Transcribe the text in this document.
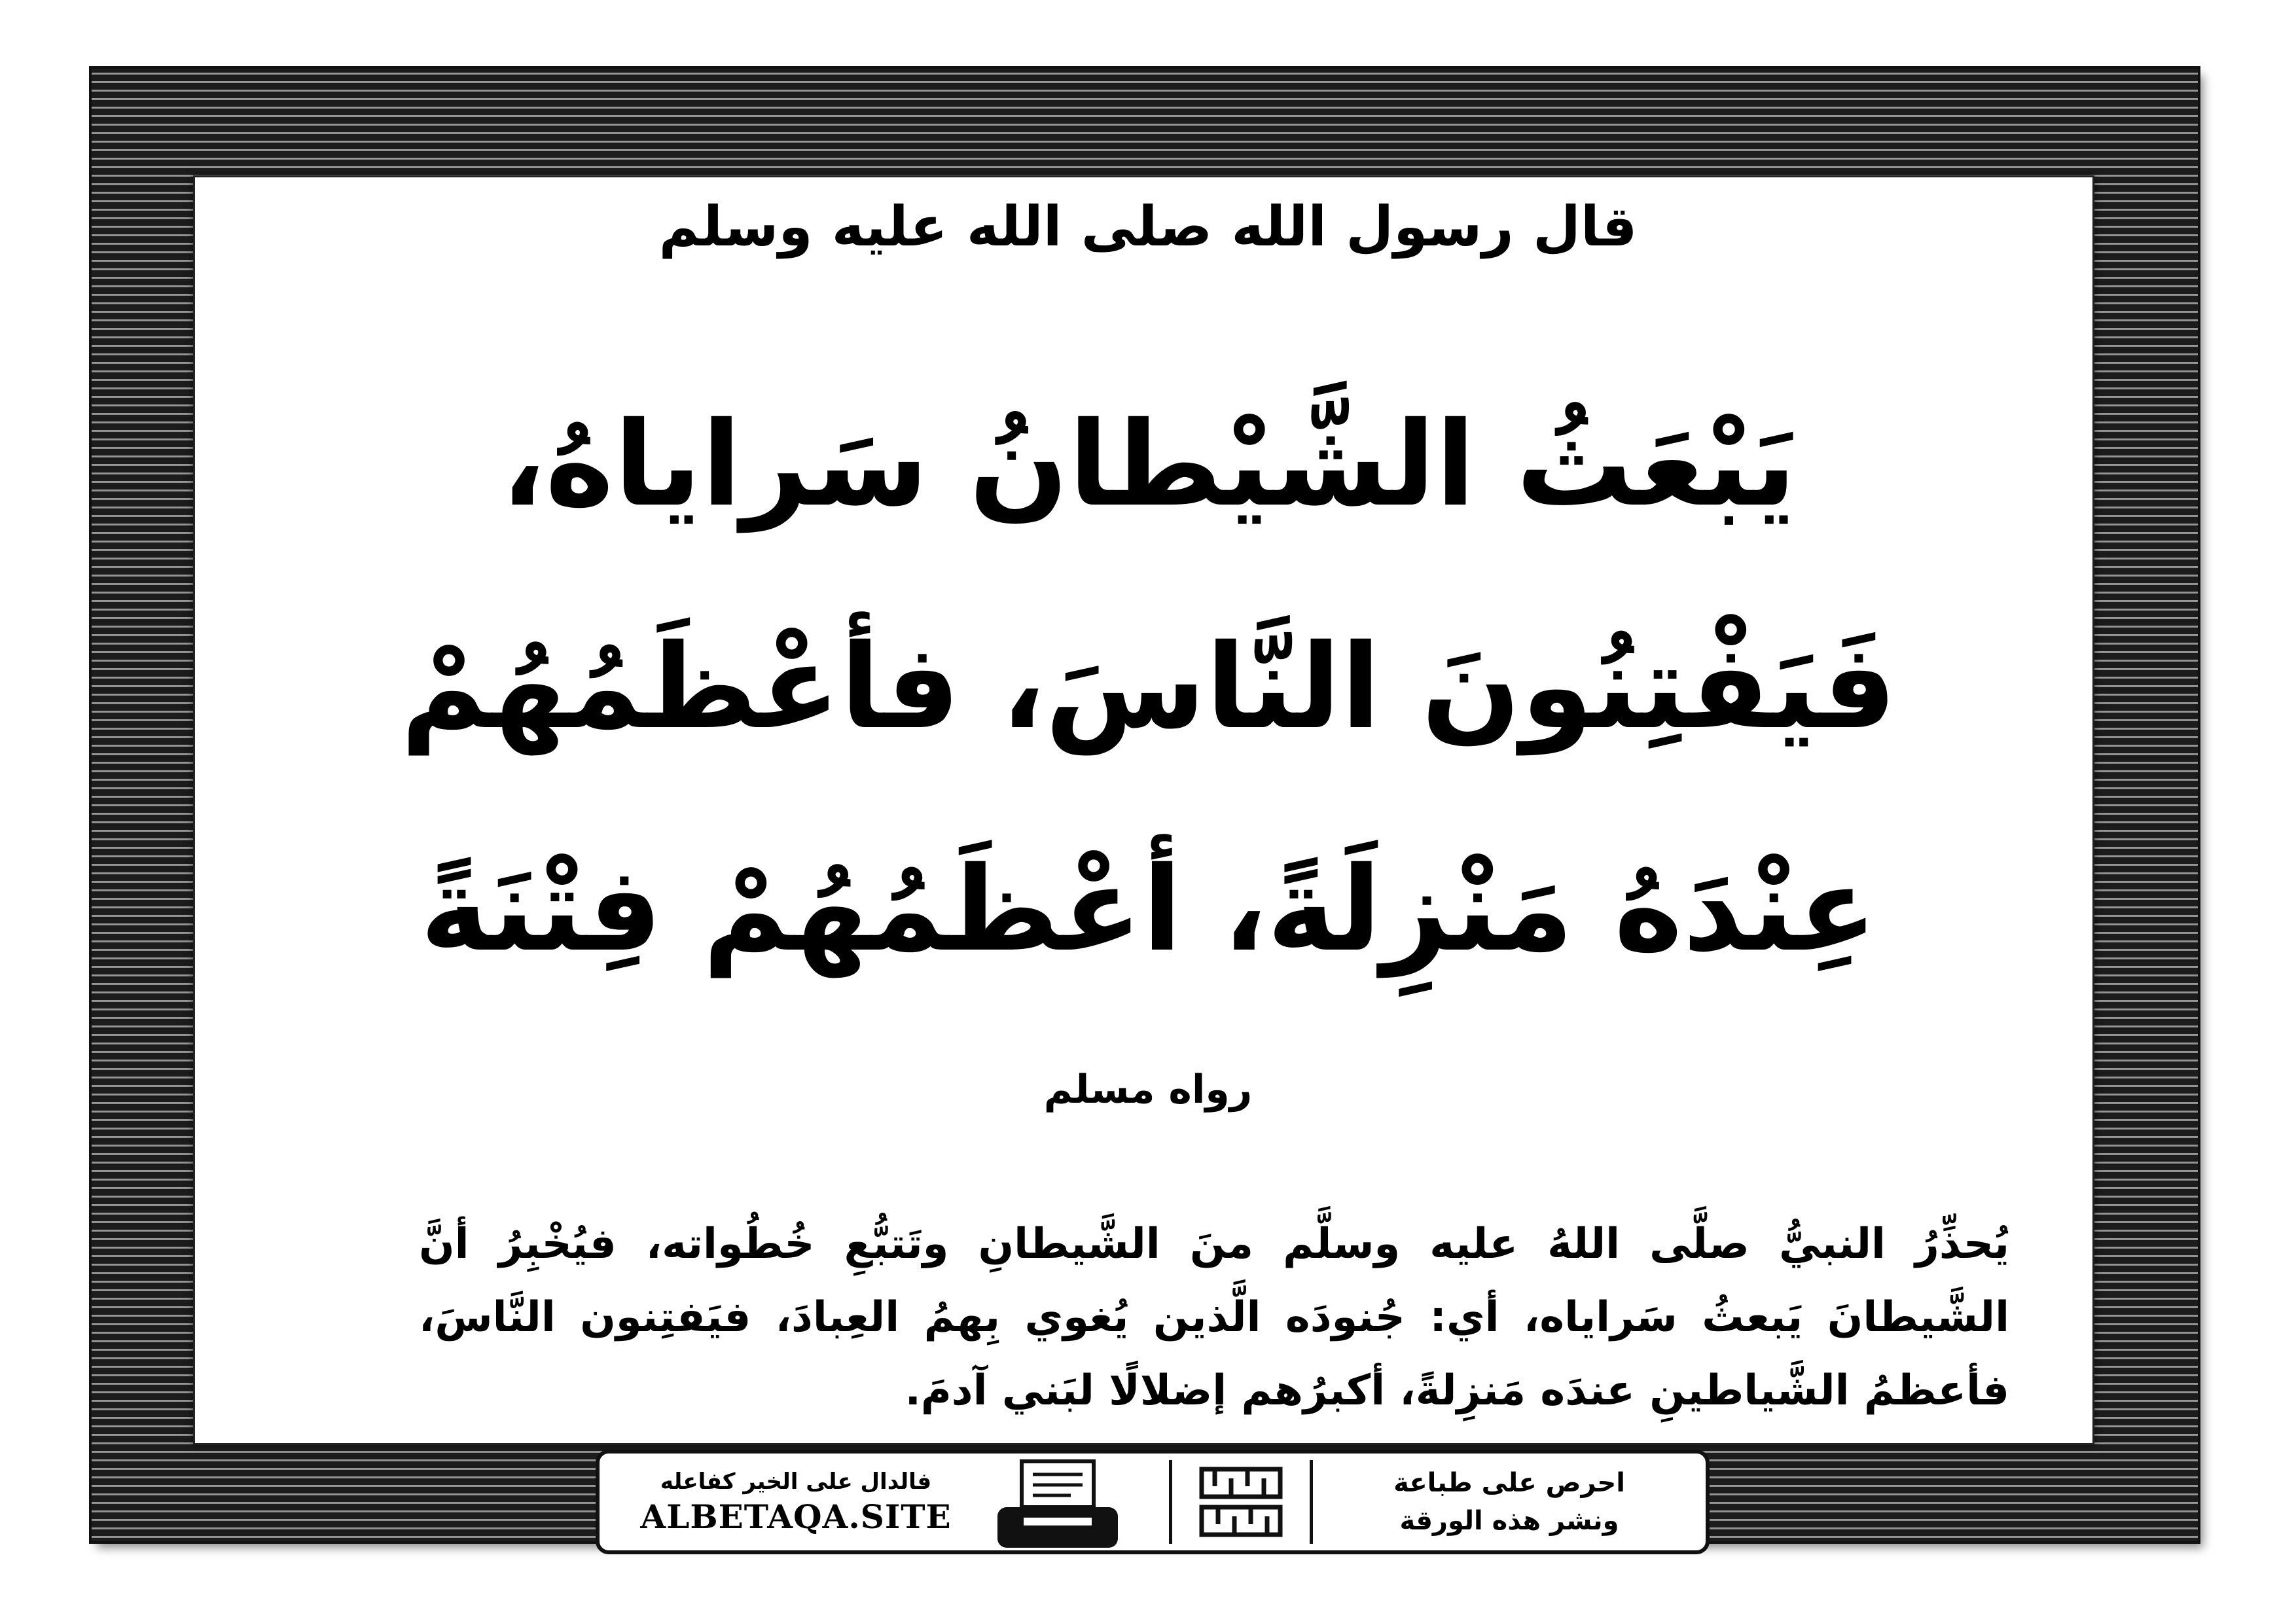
قال رسول الله صلى الله عليه وسلم

يَبْعَثُ الشَّيْطانُ سَراياهُ، فَيَفْتِنُونَ النَّاسَ، فأعْظَمُهُمْ عِنْدَهُ مَنْزِلَةً، أعْظَمُهُمْ فِتْنَةً

رواه مسلم

يُحذِّرُ النبيُّ صلَّى اللهُ عليه وسلَّم منَ الشَّيطانِ وتَتبُّعِ خُطُواته، فيُخْبِرُ أنَّ الشَّيطانَ يَبعثُ سَراياه، أي: جُنودَه الَّذين يُغوي بِهمُ العِبادَ، فيَفتِنون النَّاسَ، فأعظمُ الشَّياطينِ عندَه مَنزِلةً، أكبرُهم إضلالًا لبَني آدمَ.

احرص على طباعة
ونشر هذه الورقة
فالدال على الخير كفاعله
ALBETAQA.SITE
